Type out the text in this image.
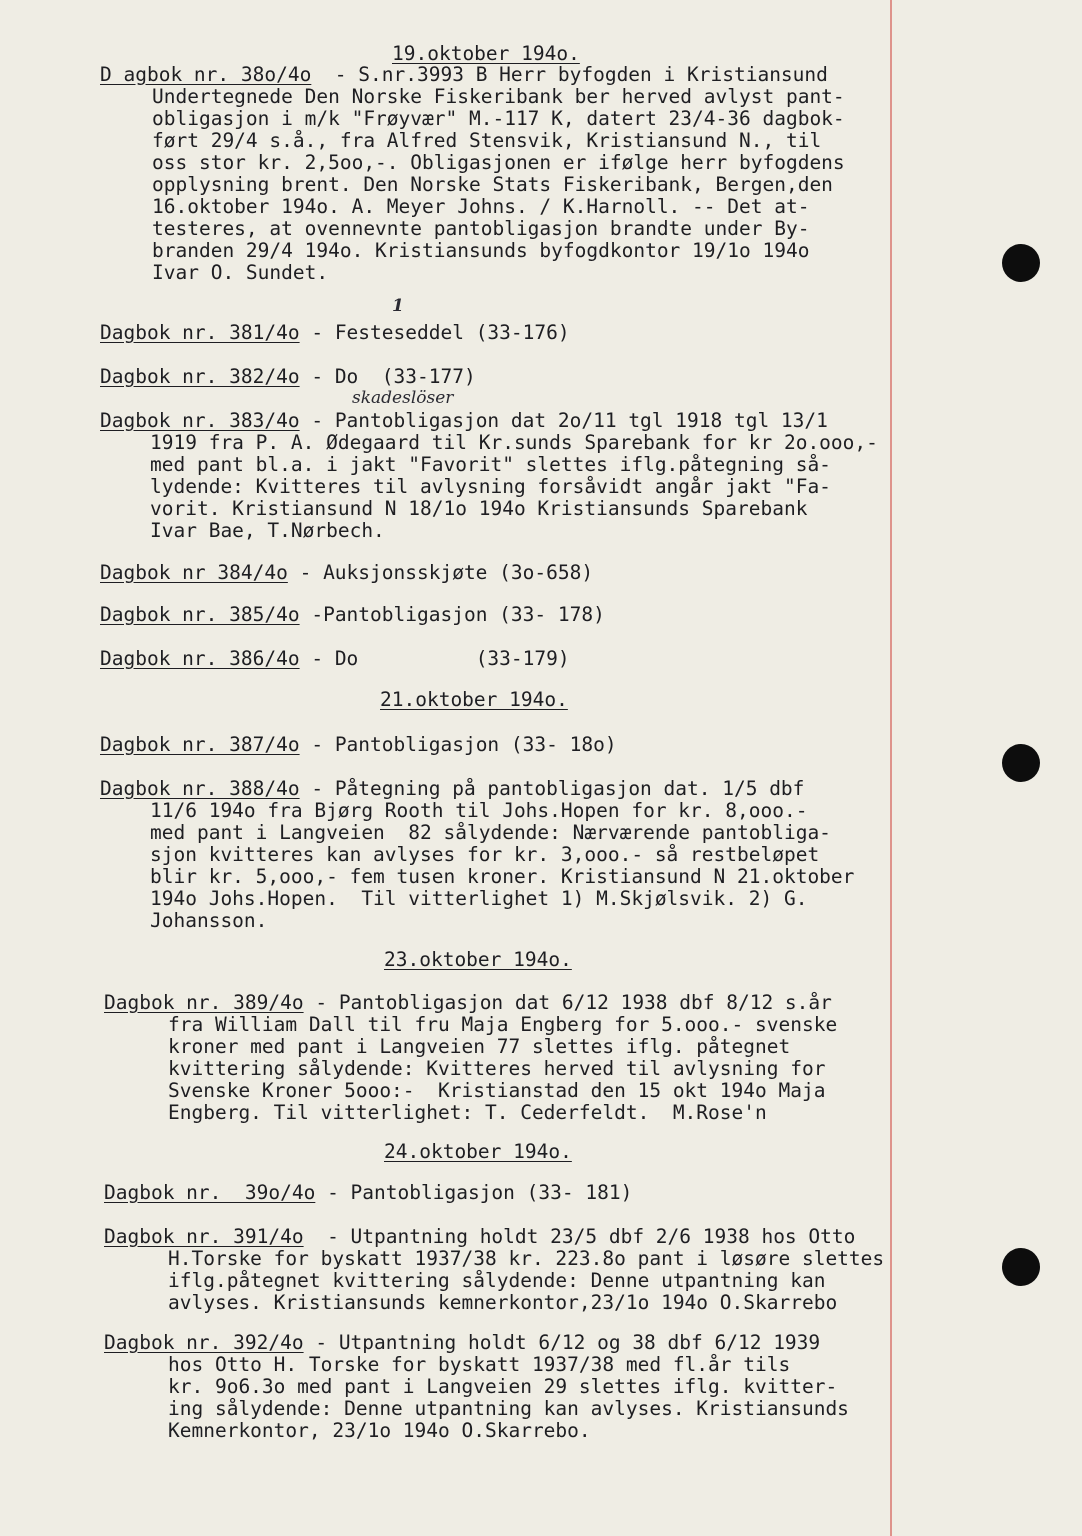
19.oktober 194o.
21.oktober 194o.
23.oktober 194o.
24.oktober 194o.
skadeslöser
1
D agbok nr. 38o/4o  - S.nr.3993 B Herr byfogden i Kristiansund
Undertegnede Den Norske Fiskeribank ber herved avlyst pant-
obligasjon i m/k "Frøyvær" M.-117 K, datert 23/4-36 dagbok-
ført 29/4 s.å., fra Alfred Stensvik, Kristiansund N., til
oss stor kr. 2,5oo,-. Obligasjonen er ifølge herr byfogdens
opplysning brent. Den Norske Stats Fiskeribank, Bergen,den
16.oktober 194o. A. Meyer Johns. / K.Harnoll. -- Det at-
testeres, at ovennevnte pantobligasjon brandte under By-
branden 29/4 194o. Kristiansunds byfogdkontor 19/1o 194o
Ivar O. Sundet.
Dagbok nr. 381/4o - Festeseddel (33-176)
Dagbok nr. 382/4o - Do  (33-177)
Dagbok nr. 383/4o - Pantobligasjon dat 2o/11 tgl 1918 tgl 13/1
1919 fra P. A. Ødegaard til Kr.sunds Sparebank for kr 2o.ooo,-
med pant bl.a. i jakt "Favorit" slettes iflg.påtegning så-
lydende: Kvitteres til avlysning forsåvidt angår jakt "Fa-
vorit. Kristiansund N 18/1o 194o Kristiansunds Sparebank
Ivar Bae, T.Nørbech.
Dagbok nr 384/4o - Auksjonsskjøte (3o-658)
Dagbok nr. 385/4o -Pantobligasjon (33- 178)
Dagbok nr. 386/4o - Do          (33-179)
Dagbok nr. 387/4o - Pantobligasjon (33- 18o)
Dagbok nr. 388/4o - Påtegning på pantobligasjon dat. 1/5 dbf
11/6 194o fra Bjørg Rooth til Johs.Hopen for kr. 8,ooo.-
med pant i Langveien  82 sålydende: Nærværende pantobliga-
sjon kvitteres kan avlyses for kr. 3,ooo.- så restbeløpet
blir kr. 5,ooo,- fem tusen kroner. Kristiansund N 21.oktober
194o Johs.Hopen.  Til vitterlighet 1) M.Skjølsvik. 2) G.
Johansson.
Dagbok nr. 389/4o - Pantobligasjon dat 6/12 1938 dbf 8/12 s.år
fra William Dall til fru Maja Engberg for 5.ooo.- svenske
kroner med pant i Langveien 77 slettes iflg. påtegnet
kvittering sålydende: Kvitteres herved til avlysning for
Svenske Kroner 5ooo:-  Kristianstad den 15 okt 194o Maja
Engberg. Til vitterlighet: T. Cederfeldt.  M.Rose'n
Dagbok nr.  39o/4o - Pantobligasjon (33- 181)
Dagbok nr. 391/4o  - Utpantning holdt 23/5 dbf 2/6 1938 hos Otto
H.Torske for byskatt 1937/38 kr. 223.8o pant i løsøre slettes
iflg.påtegnet kvittering sålydende: Denne utpantning kan
avlyses. Kristiansunds kemnerkontor,23/1o 194o O.Skarrebo
Dagbok nr. 392/4o - Utpantning holdt 6/12 og 38 dbf 6/12 1939
hos Otto H. Torske for byskatt 1937/38 med fl.år tils
kr. 9o6.3o med pant i Langveien 29 slettes iflg. kvitter-
ing sålydende: Denne utpantning kan avlyses. Kristiansunds
Kemnerkontor, 23/1o 194o O.Skarrebo.
